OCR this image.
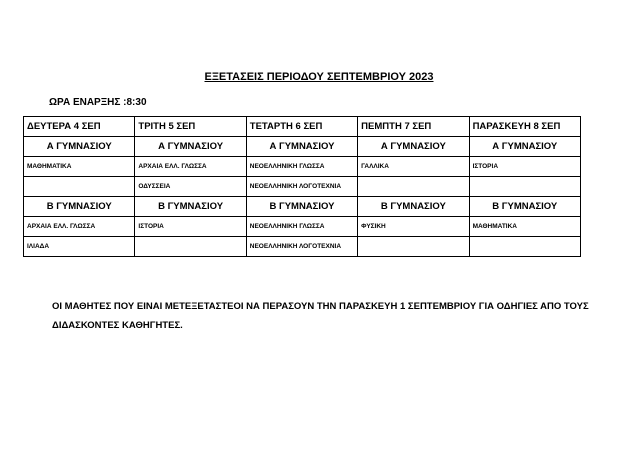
ΕΞΕΤΑΣΕΙΣ ΠΕΡΙΟΔΟΥ ΣΕΠΤΕΜΒΡΙΟΥ 2023
ΩΡΑ ΕΝΑΡΞΗΣ :8:30
ΔΕΥΤΕΡΑ 4 ΣΕΠ	ΤΡΙΤΗ 5 ΣΕΠ	ΤΕΤΑΡΤΗ 6 ΣΕΠ	ΠΕΜΠΤΗ 7 ΣΕΠ	ΠΑΡΑΣΚΕΥΗ 8 ΣΕΠ
Α ΓΥΜΝΑΣΙΟΥ	Α ΓΥΜΝΑΣΙΟΥ	Α ΓΥΜΝΑΣΙΟΥ	Α ΓΥΜΝΑΣΙΟΥ	Α ΓΥΜΝΑΣΙΟΥ
ΜΑΘΗΜΑΤΙΚΑ	ΑΡΧΑΙΑ ΕΛΛ. ΓΛΩΣΣΑ	ΝΕΟΕΛΛΗΝΙΚΗ ΓΛΩΣΣΑ	ΓΑΛΛΙΚΑ	ΙΣΤΟΡΙΑ
	ΟΔΥΣΣΕΙΑ	ΝΕΟΕΛΛΗΝΙΚΗ ΛΟΓΟΤΕΧΝΙΑ		
Β ΓΥΜΝΑΣΙΟΥ	Β ΓΥΜΝΑΣΙΟΥ	Β ΓΥΜΝΑΣΙΟΥ	Β ΓΥΜΝΑΣΙΟΥ	Β ΓΥΜΝΑΣΙΟΥ
ΑΡΧΑΙΑ ΕΛΛ. ΓΛΩΣΣΑ	ΙΣΤΟΡΙΑ	ΝΕΟΕΛΛΗΝΙΚΗ ΓΛΩΣΣΑ	ΦΥΣΙΚΗ	ΜΑΘΗΜΑΤΙΚΑ
ΙΛΙΑΔΑ		ΝΕΟΕΛΛΗΝΙΚΗ ΛΟΓΟΤΕΧΝΙΑ		
ΟΙ ΜΑΘΗΤΕΣ ΠΟΥ ΕΙΝΑΙ ΜΕΤΕΞΕΤΑΣΤΕΟΙ ΝΑ ΠΕΡΑΣΟΥΝ ΤΗΝ ΠΑΡΑΣΚΕΥΗ 1 ΣΕΠΤΕΜΒΡΙΟΥ ΓΙΑ ΟΔΗΓΙΕΣ ΑΠΟ ΤΟΥΣ
ΔΙΔΑΣΚΟΝΤΕΣ ΚΑΘΗΓΗΤΕΣ.
